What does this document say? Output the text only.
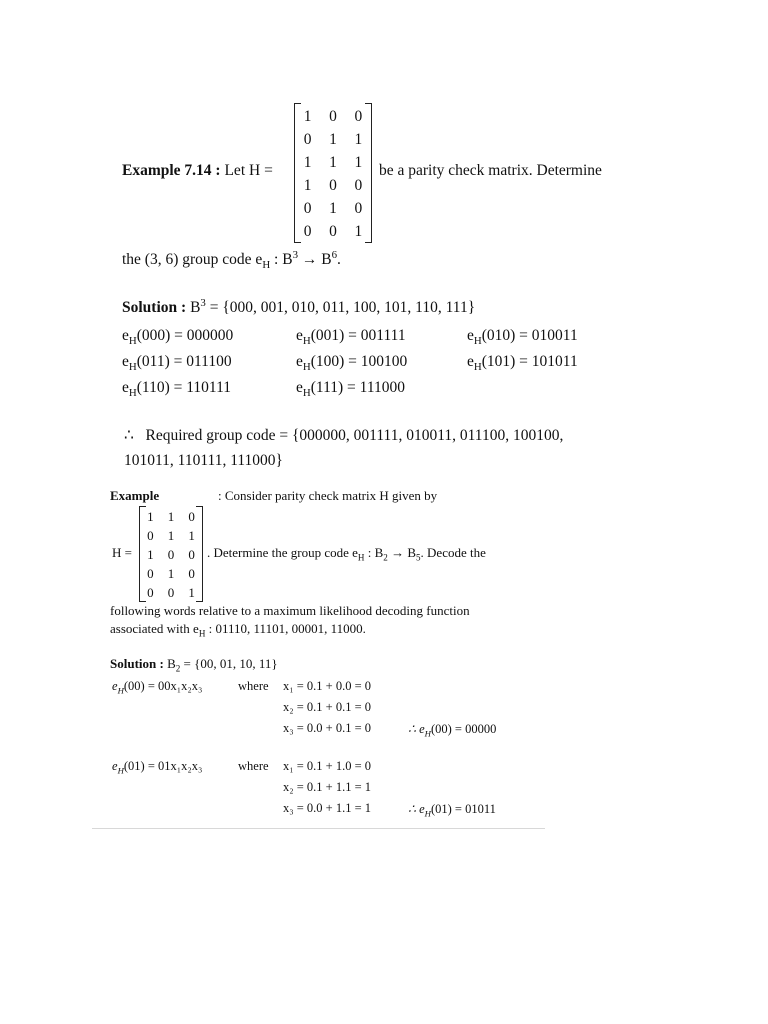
Example 7.14 : Let H =
1 0 0
0 1 1
1 1 1
1 0 0
0 1 0
0 0 1
be a parity check matrix. Determine
the (3, 6) group code $e_H$ : $B^3 \to B^6$.
Solution : $B^3 = \{000$, 001, 010, 011, 100, 101, 110, 111}
$e_H(000) = 000000$	$e_H(001) = 001111$	$e_H(010) = 010011$
$e_H(011) = 011100$	$e_H(100) = 100100$	$e_H(101) = 101011$
$e_H(110) = 110111$	$e_H(111) = 111000$
∴ Required group code = {000000, 001111, 010011, 011100, 100100,
101011, 110111, 111000}
Example	: Consider parity check matrix H given by
H =
1 1 0
0 1 1
1 0 0
0 1 0
0 0 1
. Determine the group code $e_H$ : $B_2 \to B_5$. Decode the
following words relative to a maximum likelihood decoding function
associated with $e_H$ : 01110, 11101, 00001, 11000.
Solution : $B_2 = \{00$, 01, 10, 11}
$e_H(00) = 00x_1x_2x_3$	where x₁ = 0.1 + 0.0 = 0
x₂ = 0.1 + 0.1 = 0
x₃ = 0.0 + 0.1 = 0	∴ $e_H(00) = 00000$
$e_H(01) = 01x_1x_2x_3$	where x₁ = 0.1 + 1.0 = 0
x₂ = 0.1 + 1.1 = 1
x₃ = 0.0 + 1.1 = 1	∴ $e_H(01) = 01011$
